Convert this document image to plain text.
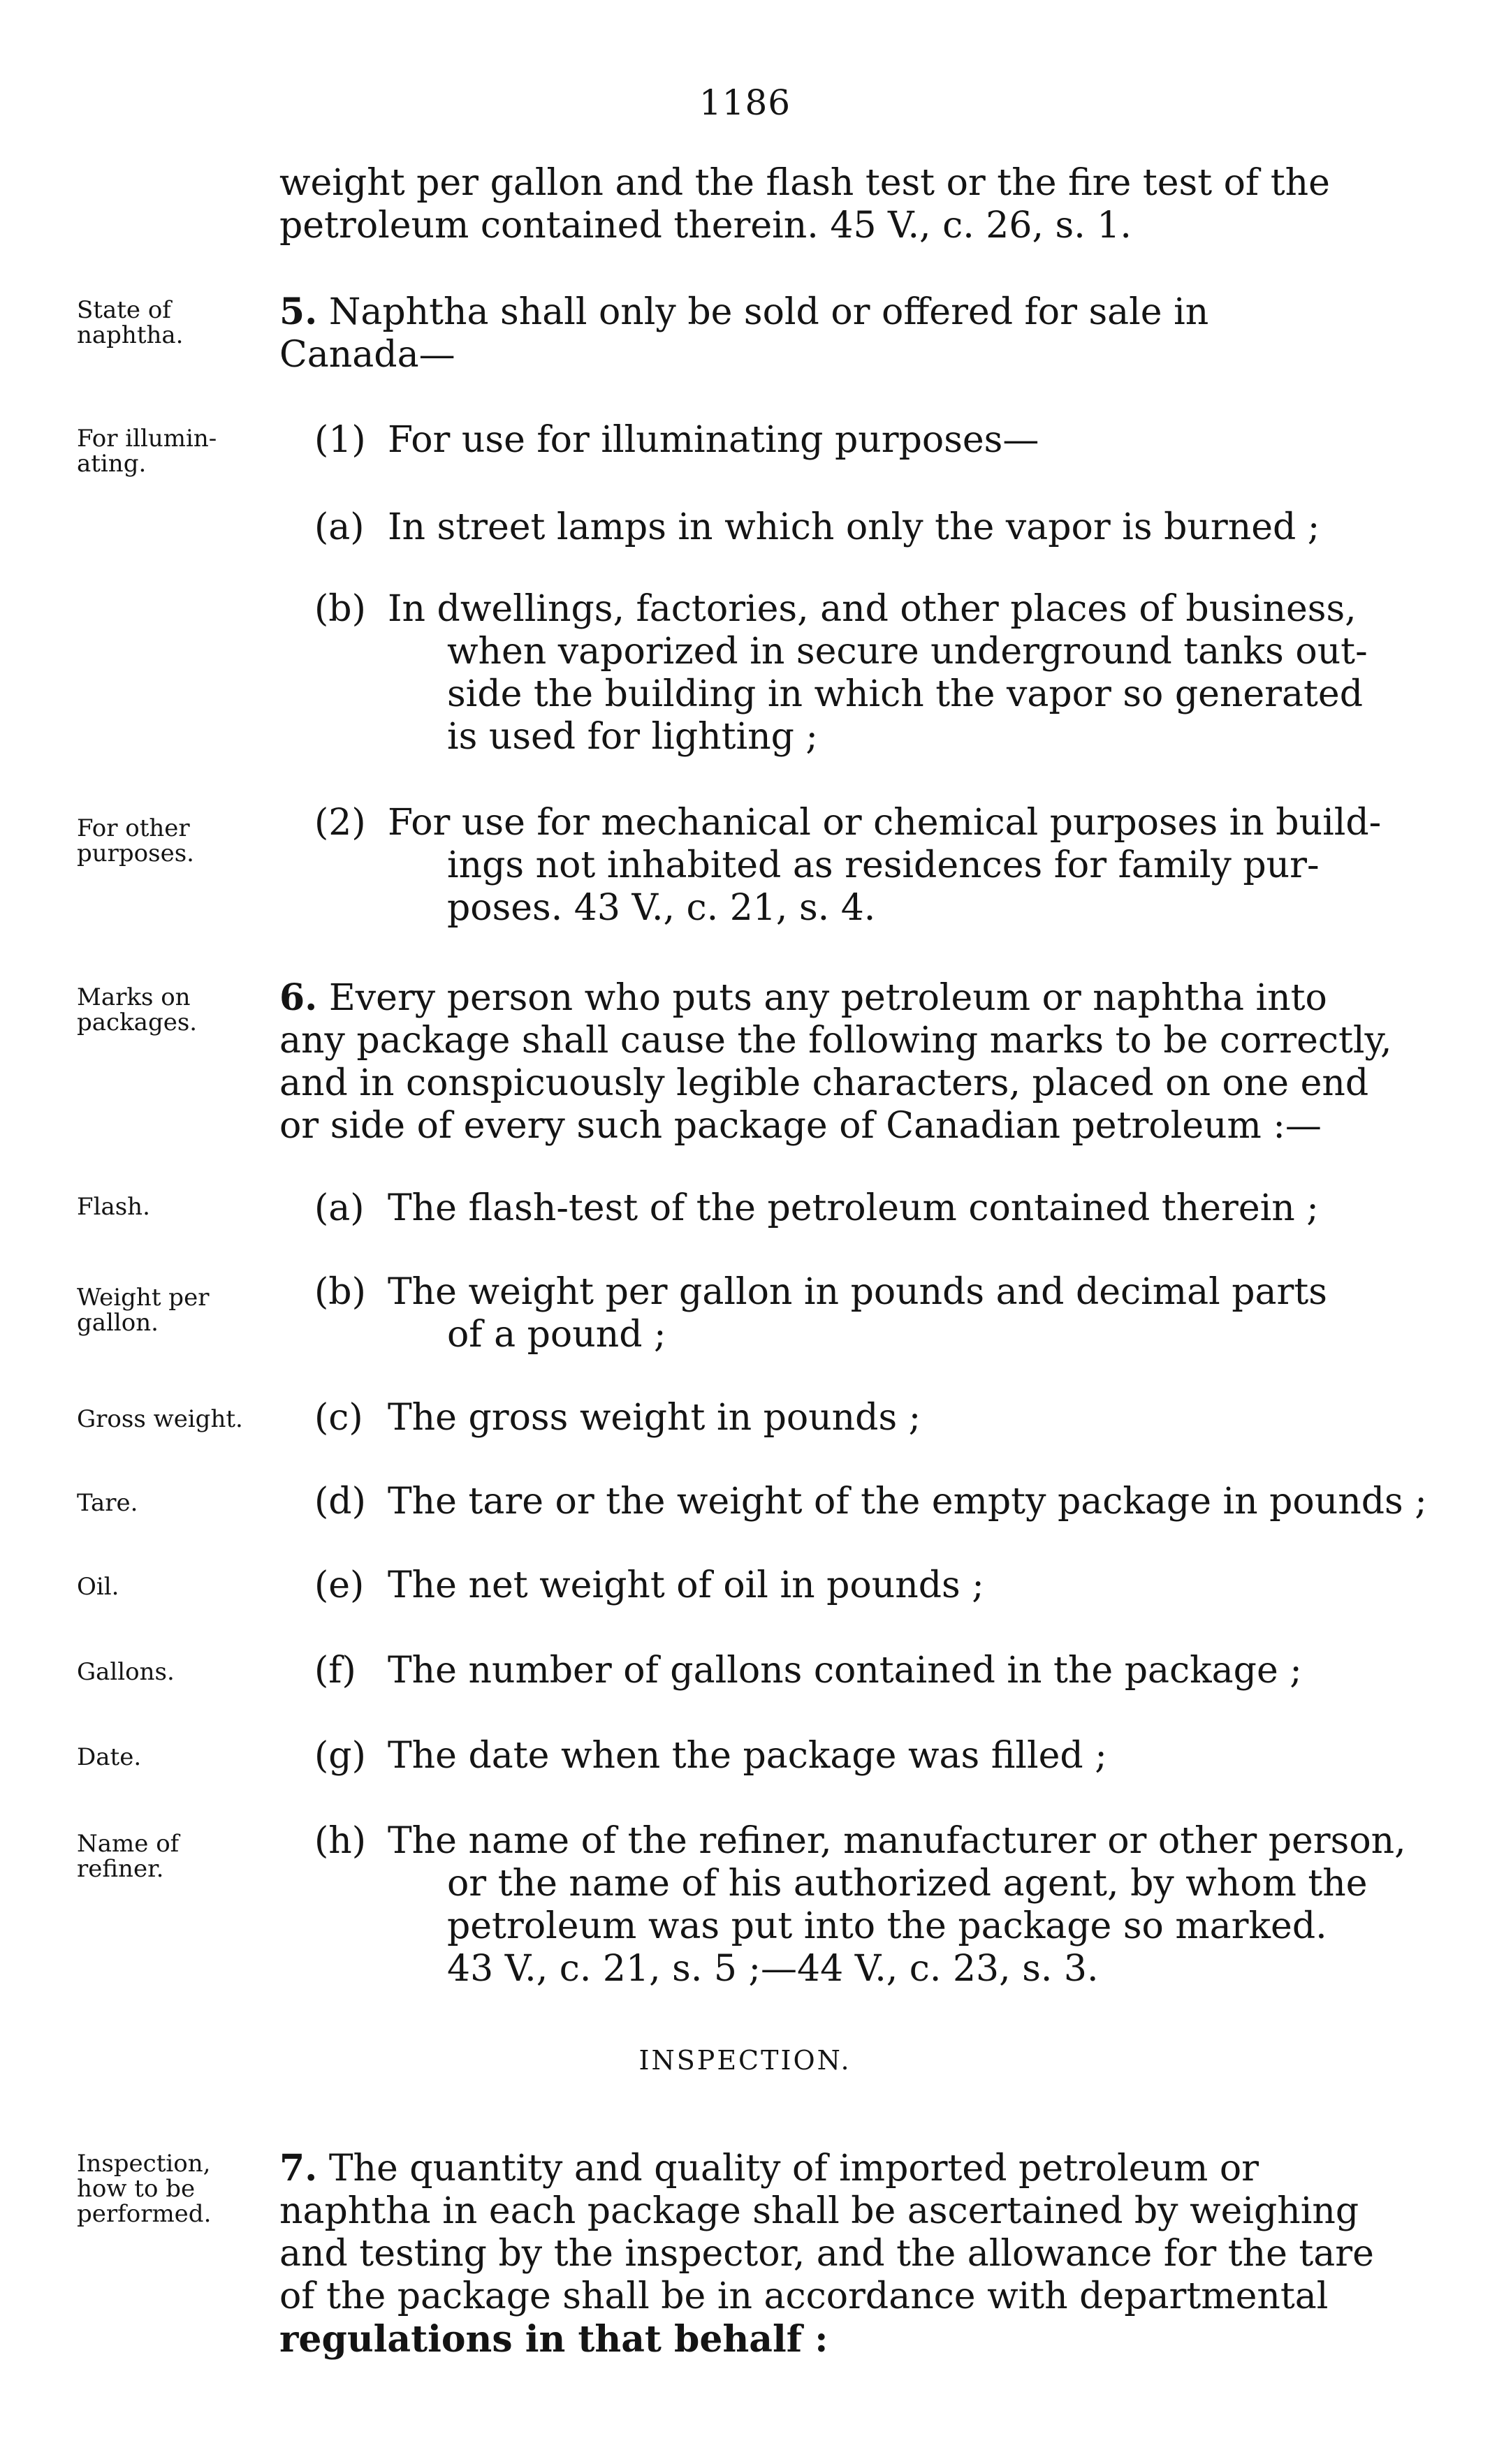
1186
weight per gallon and the flash test or the fire test of the
petroleum contained therein. 45 V., c. 26, s. 1.
State of
naphtha.
5. Naphtha shall only be sold or offered for sale in
Canada—
For illumin-
ating.
(1) For use for illuminating purposes—
(a) In street lamps in which only the vapor is burned ;
(b) In dwellings, factories, and other places of business,
when vaporized in secure underground tanks out-
side the building in which the vapor so generated
is used for lighting ;
For other
purposes.
(2) For use for mechanical or chemical purposes in build-
ings not inhabited as residences for family pur-
poses. 43 V., c. 21, s. 4.
Marks on
packages.
6. Every person who puts any petroleum or naphtha into
any package shall cause the following marks to be correctly,
and in conspicuously legible characters, placed on one end
or side of every such package of Canadian petroleum :—
Flash.	(a) The flash-test of the petroleum contained therein ;
Weight per
gallon.
(b) The weight per gallon in pounds and decimal parts
of a pound ;
Gross weight.	(c) The gross weight in pounds ;
Tare.	(d) The tare or the weight of the empty package in pounds ;
Oil.	(e) The net weight of oil in pounds ;
Gallons.	(f) The number of gallons contained in the package ;
Date.	(g) The date when the package was filled ;
Name of
refiner.
(h) The name of the refiner, manufacturer or other person,
or the name of his authorized agent, by whom the
petroleum was put into the package so marked.
43 V., c. 21, s. 5 ;—44 V., c. 23, s. 3.
INSPECTION.
Inspection,
how to be
performed.
7. The quantity and quality of imported petroleum or
naphtha in each package shall be ascertained by weighing
and testing by the inspector, and the allowance for the tare
of the package shall be in accordance with departmental
regulations in that behalf :
